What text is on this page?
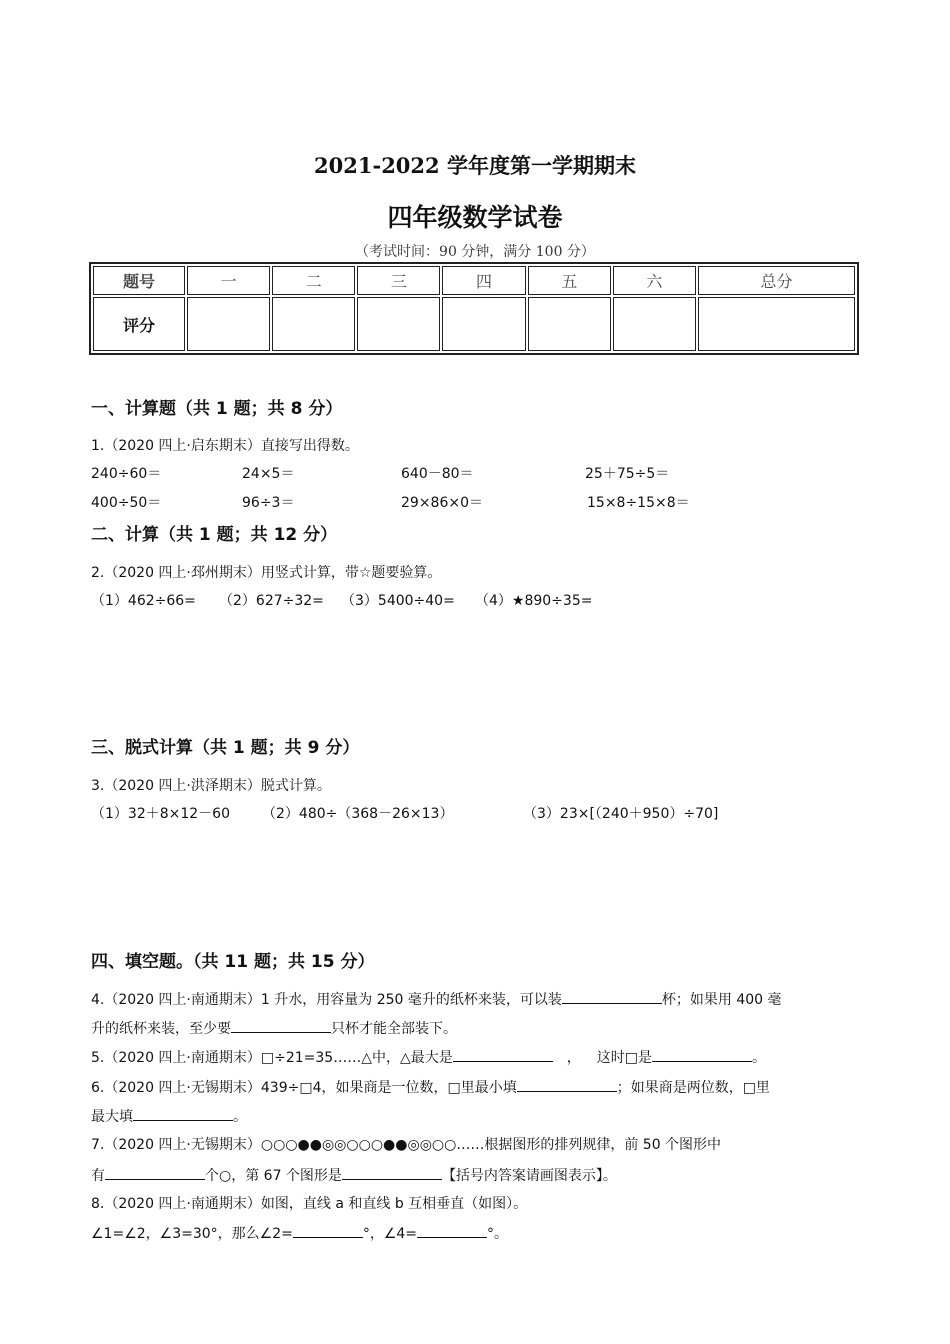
2021-2022 学年度第一学期期末
四年级数学试卷
（考试时间：90 分钟，满分 100 分）
题号	一	二	三	四	五	六	总分
评分							
一、计算题（共 1 题；共 8 分）
1.（2020 四上·启东期末）直接写出得数。
240÷60＝	24×5＝	640－80＝	25＋75÷5＝
400÷50＝	96÷3＝	29×86×0＝	15×8÷15×8＝
二、计算（共 1 题；共 12 分）
2.（2020 四上·邳州期末）用竖式计算，带☆题要验算。
（1）462÷66= （2）627÷32= （3）5400÷40= （4）★890÷35=
三、脱式计算（共 1 题；共 9 分）
3.（2020 四上·洪泽期末）脱式计算。
（1）32＋8×12－60 （2）480÷（368－26×13）	（3）23×[（240＋950）÷70]
四、填空题。（共 11 题；共 15 分）
4.（2020 四上·南通期末）1 升水，用容量为 250 毫升的纸杯来装，可以装	杯；如果用 400 毫
升的纸杯来装，至少要	只杯才能全部装下。
5.（2020 四上·南通期末）□÷21=35……△中，△最大是	， 这时□是	。
6.（2020 四上·无锡期末）439÷□4，如果商是一位数，□里最小填	；如果商是两位数，□里
最大填	。
7.（2020 四上·无锡期末）○○○●●◎◎○○○●●◎◎○○……根据图形的排列规律，前 50 个图形中
有	个○，第 67 个图形是	【括号内答案请画图表示】。
8.（2020 四上·南通期末）如图，直线 a 和直线 b 互相垂直（如图）。
∠1=∠2，∠3=30°，那么∠2=	°，∠4=	°。
